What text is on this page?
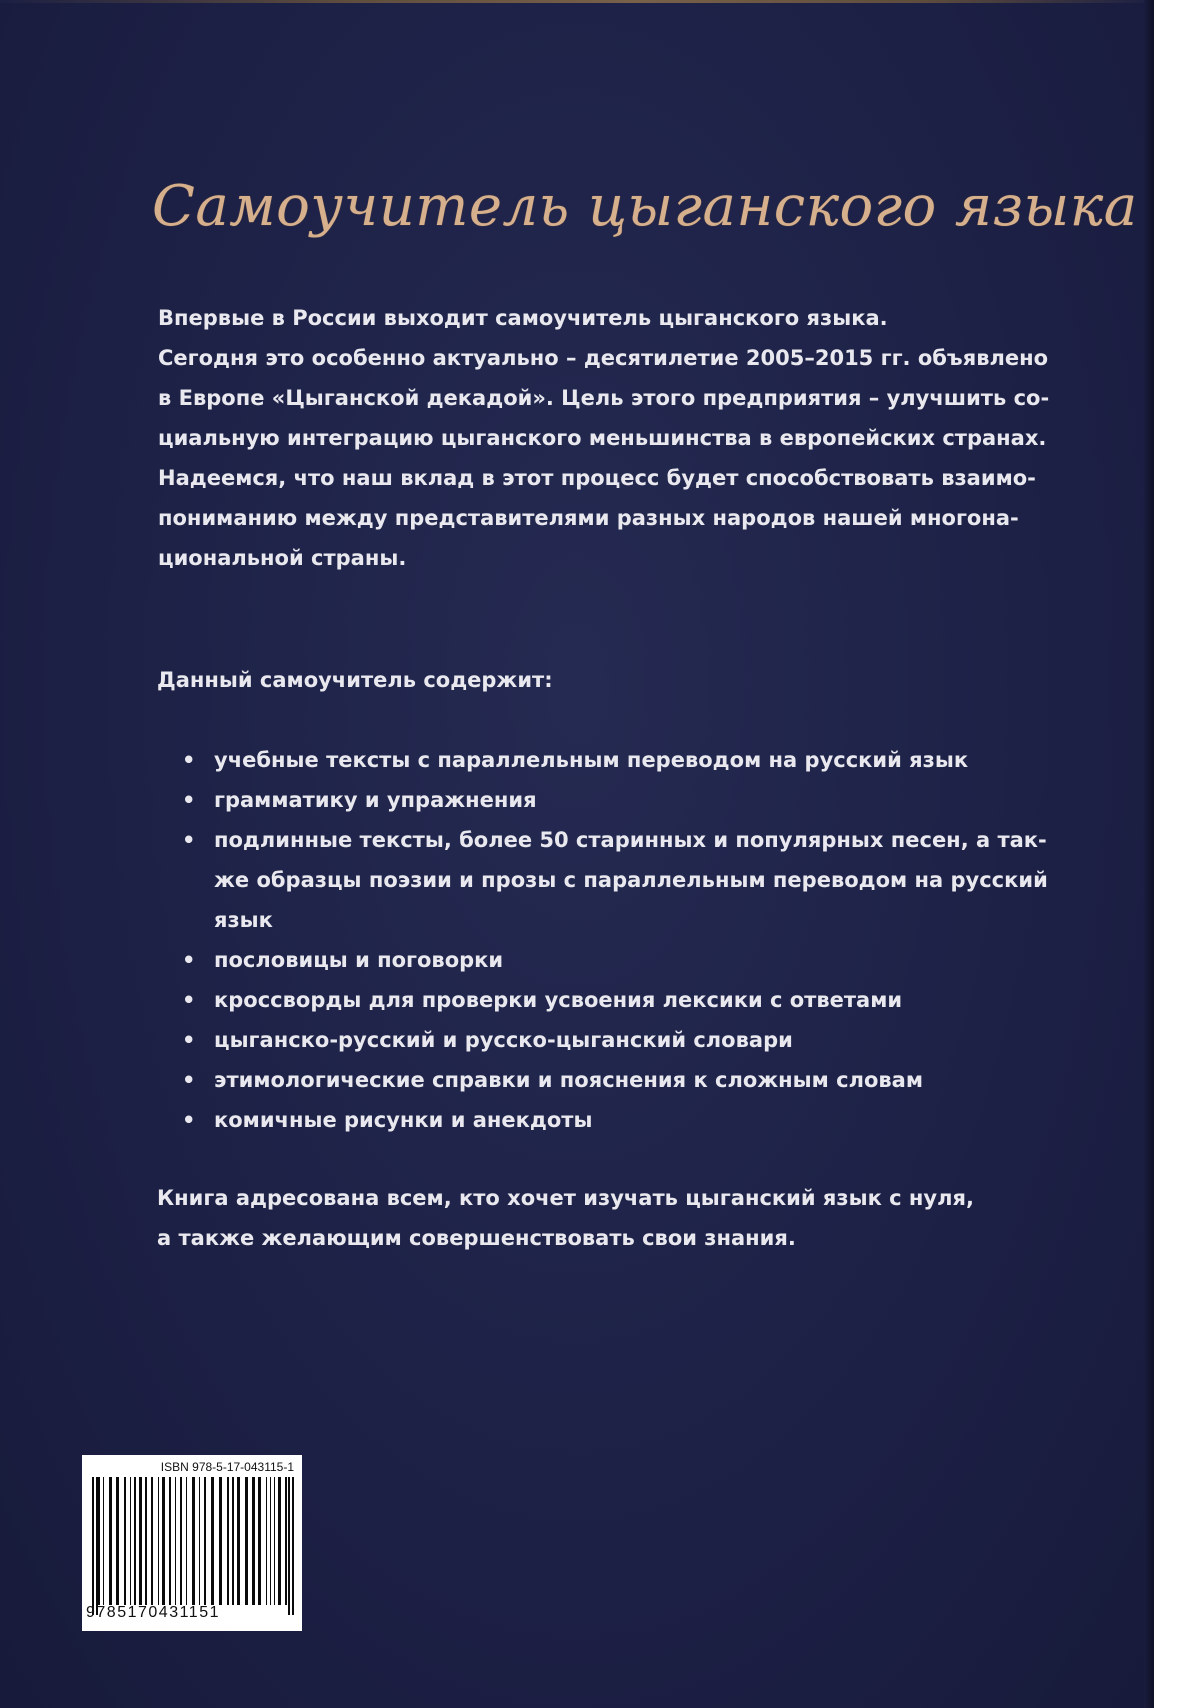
Самоучитель цыганского языка

Впервые в России выходит самоучитель цыганского языка.

Сегодня это особенно актуально – десятилетие 2005–2015 гг. объявлено

в Европе «Цыганской декадой». Цель этого предприятия – улучшить со-

циальную интеграцию цыганского меньшинства в европейских странах.

Надеемся, что наш вклад в этот процесс будет способствовать взаимо-

пониманию между представителями разных народов нашей многона-

циональной страны.

Данный самоучитель содержит:

• учебные тексты с параллельным переводом на русский язык
• грамматику и упражнения
• подлинные тексты, более 50 старинных и популярных песен, а так-
же образцы поэзии и прозы с параллельным переводом на русский
язык
• пословицы и поговорки
• кроссворды для проверки усвоения лексики с ответами
• цыганско-русский и русско-цыганский словари
• этимологические справки и пояснения к сложным словам
• комичные рисунки и анекдоты

Книга адресована всем, кто хочет изучать цыганский язык с нуля,

а также желающим совершенствовать свои знания.

ISBN 978-5-17-043115-1
9785170431151
